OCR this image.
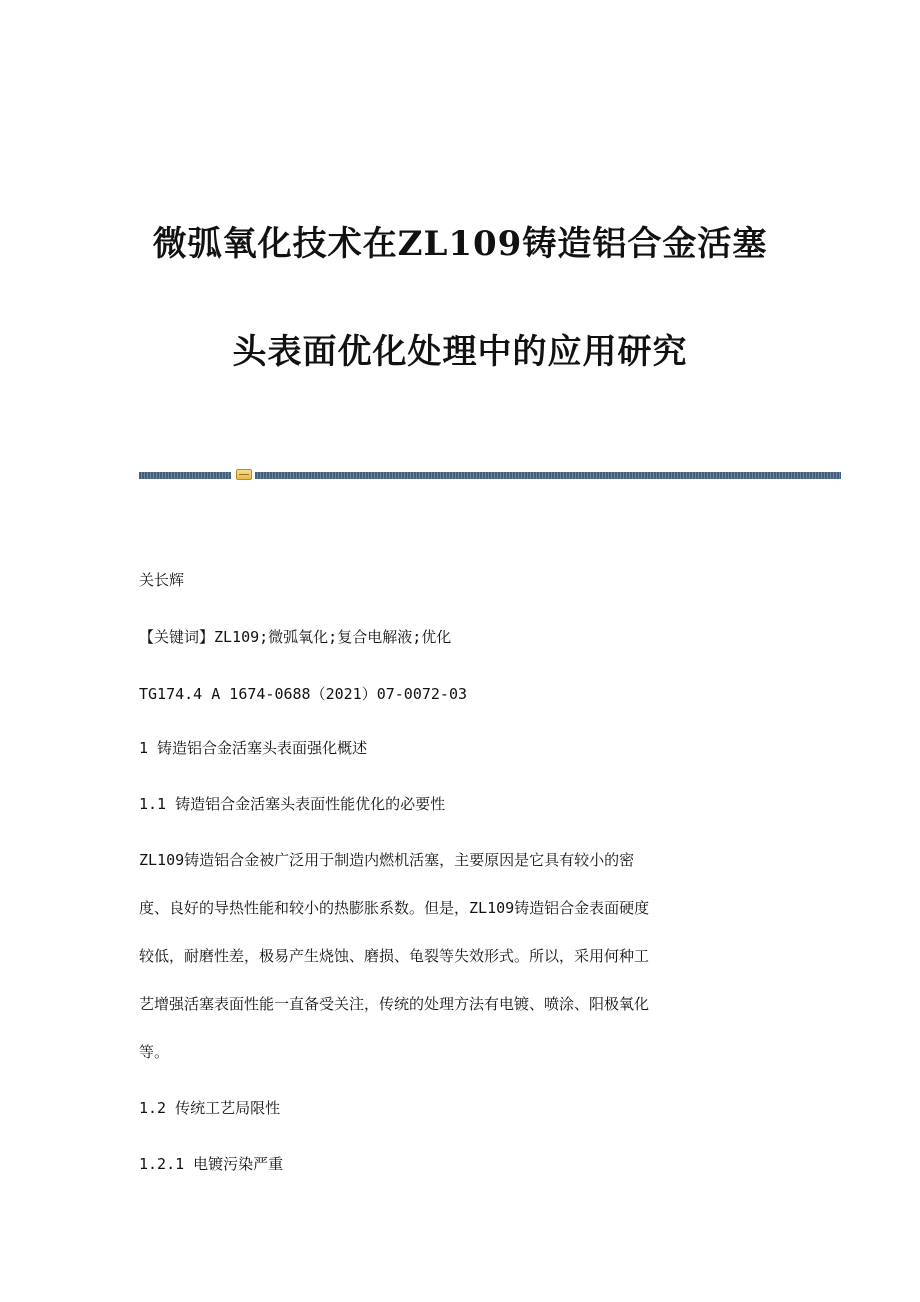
微弧氧化技术在ZL109铸造铝合金活塞
头表面优化处理中的应用研究

关长辉

【关键词】ZL109;微弧氧化;复合电解液;优化

TG174.4 A 1674-0688（2021）07-0072-03

1 铸造铝合金活塞头表面强化概述

1.1 铸造铝合金活塞头表面性能优化的必要性

ZL109铸造铝合金被广泛用于制造内燃机活塞，主要原因是它具有较小的密
度、良好的导热性能和较小的热膨胀系数。但是，ZL109铸造铝合金表面硬度
较低，耐磨性差，极易产生烧蚀、磨损、龟裂等失效形式。所以，采用何种工
艺增强活塞表面性能一直备受关注，传统的处理方法有电镀、喷涂、阳极氧化
等。

1.2 传统工艺局限性

1.2.1 电镀污染严重
